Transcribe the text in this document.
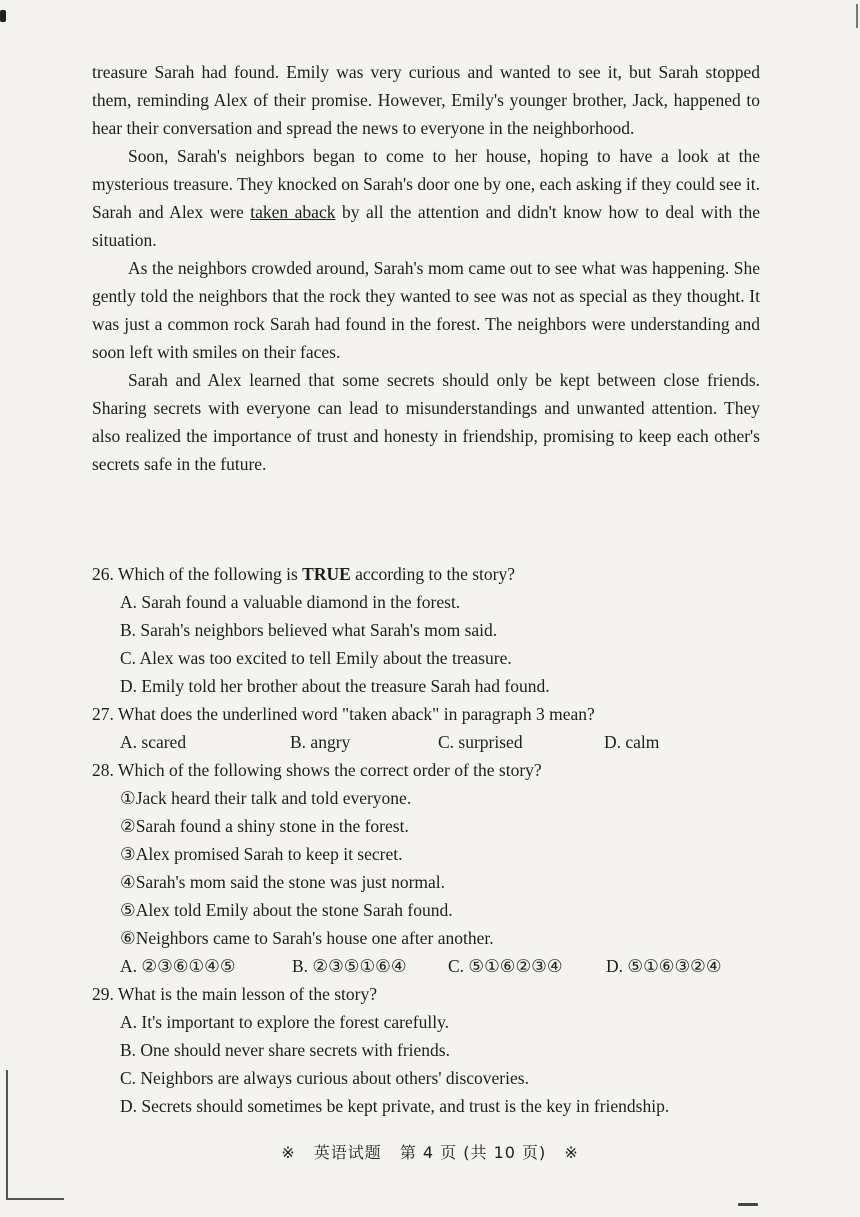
treasure Sarah had found. Emily was very curious and wanted to see it, but Sarah stopped them, reminding Alex of their promise. However, Emily's younger brother, Jack, happened to hear their conversation and spread the news to everyone in the neighborhood.

Soon, Sarah's neighbors began to come to her house, hoping to have a look at the mysterious treasure. They knocked on Sarah's door one by one, each asking if they could see it. Sarah and Alex were taken aback by all the attention and didn't know how to deal with the situation.

As the neighbors crowded around, Sarah's mom came out to see what was happening. She gently told the neighbors that the rock they wanted to see was not as special as they thought. It was just a common rock Sarah had found in the forest. The neighbors were understanding and soon left with smiles on their faces.

Sarah and Alex learned that some secrets should only be kept between close friends. Sharing secrets with everyone can lead to misunderstandings and unwanted attention. They also realized the importance of trust and honesty in friendship, promising to keep each other's secrets safe in the future.

26. Which of the following is TRUE according to the story?

A. Sarah found a valuable diamond in the forest.

B. Sarah's neighbors believed what Sarah's mom said.

C. Alex was too excited to tell Emily about the treasure.

D. Emily told her brother about the treasure Sarah had found.

27. What does the underlined word "taken aback" in paragraph 3 mean?

A. scared	B. angry	C. surprised	D. calm

28. Which of the following shows the correct order of the story?

①Jack heard their talk and told everyone.

②Sarah found a shiny stone in the forest.

③Alex promised Sarah to keep it secret.

④Sarah's mom said the stone was just normal.

⑤Alex told Emily about the stone Sarah found.

⑥Neighbors came to Sarah's house one after another.

A. ②③⑥①④⑤	B. ②③⑤①⑥④	C. ⑤①⑥②③④	D. ⑤①⑥③②④

29. What is the main lesson of the story?

A. It's important to explore the forest carefully.

B. One should never share secrets with friends.

C. Neighbors are always curious about others' discoveries.

D. Secrets should sometimes be kept private, and trust is the key in friendship.

※ 英语试题 第 4 页 (共 10 页) ※
